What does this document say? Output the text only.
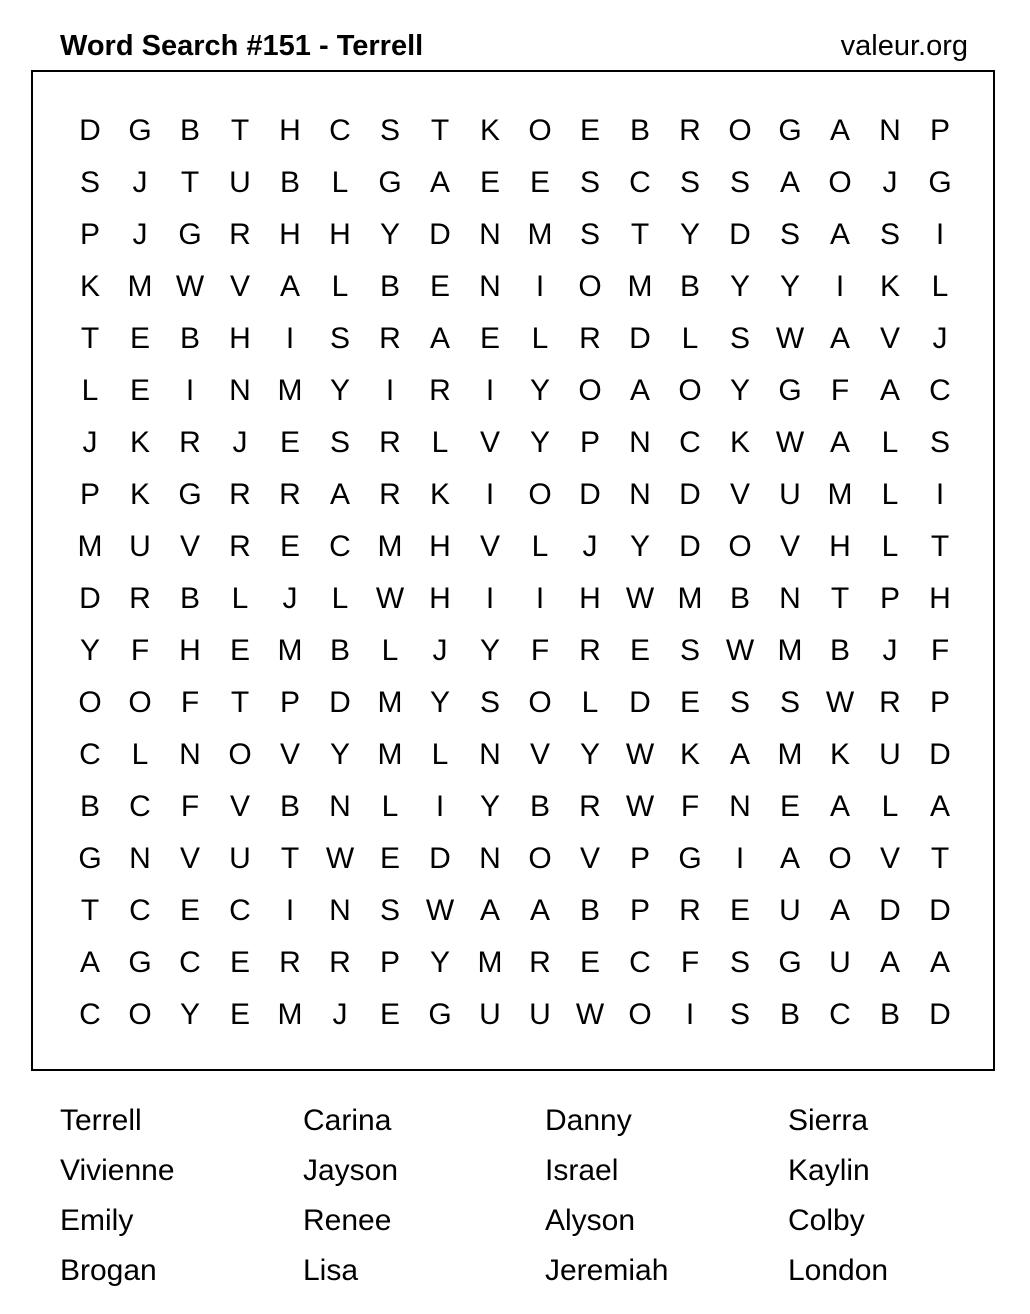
Word Search #151 - Terrell	valeur.org
D G B	T	H C S	T	K O E B R O G A N P
S	J	T	U B	L G A E E S C S S A O	J	G
P	J	G R H H Y D N M S	T	Y D S A S	I
K M W V A	L	B E N	I	O M B Y Y	I	K	L
T	E B H	I	S R A E	L	R D	L	S W A V	J
L	E	I	N M Y	I	R	I	Y O A O Y G F	A C
J	K R	J	E S R	L	V Y P N C K W A	L	S
P K G R R A R K	I	O D N D V U M L	I
M U V R E C M H V	L	J	Y D O V H	L	T
D R B	L	J	L W H	I	I	H W M B N	T	P H
Y	F	H E M B	L	J	Y	F	R E S W M B	J	F
O O F	T	P D M Y S O L	D E S S W R P
C	L	N O V Y M L	N V Y W K A M K U D
B C	F	V B N	L	I	Y B R W F	N E A	L	A
G N V U	T W E D N O V P G	I	A O V	T
T	C E C	I	N S W A A B P R E U A D D
A G C E R R P Y M R E C	F	S G U A A
C O Y E M	J	E G U U W O	I	S B C B D
Terrell	Carina	Danny	Sierra
Vivienne	Jayson	Israel	Kaylin
Emily	Renee	Alyson	Colby
Brogan	Lisa	Jeremiah	London
